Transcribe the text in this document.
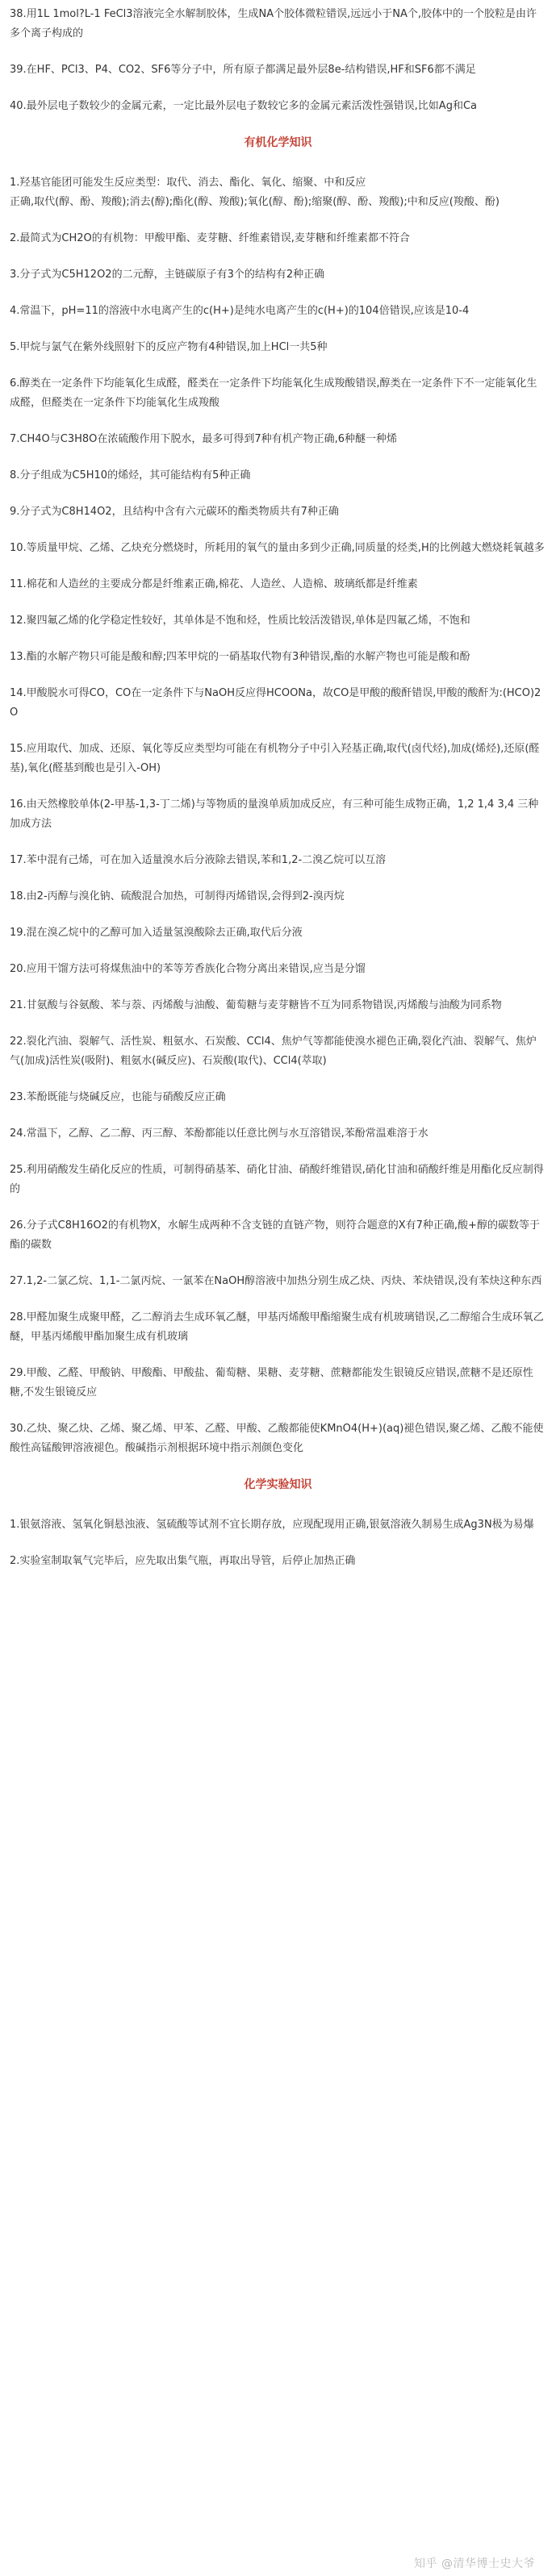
38.用1L 1mol?L-1 FeCl3溶液完全水解制胶体，生成NA个胶体微粒错误,远远小于NA个,胶体中的一个胶粒是由许多个离子构成的

39.在HF、PCl3、P4、CO2、SF6等分子中，所有原子都满足最外层8e-结构错误,HF和SF6都不满足

40.最外层电子数较少的金属元素，一定比最外层电子数较它多的金属元素活泼性强错误,比如Ag和Ca

有机化学知识

1.羟基官能团可能发生反应类型：取代、消去、酯化、氧化、缩聚、中和反应
正确,取代(醇、酚、羧酸);消去(醇);酯化(醇、羧酸);氧化(醇、酚);缩聚(醇、酚、羧酸);中和反应(羧酸、酚)

2.最简式为CH2O的有机物：甲酸甲酯、麦芽糖、纤维素错误,麦芽糖和纤维素都不符合

3.分子式为C5H12O2的二元醇，主链碳原子有3个的结构有2种正确

4.常温下，pH=11的溶液中水电离产生的c(H+)是纯水电离产生的c(H+)的104倍错误,应该是10-4

5.甲烷与氯气在紫外线照射下的反应产物有4种错误,加上HCl一共5种

6.醇类在一定条件下均能氧化生成醛，醛类在一定条件下均能氧化生成羧酸错误,醇类在一定条件下不一定能氧化生成醛，但醛类在一定条件下均能氧化生成羧酸

7.CH4O与C3H8O在浓硫酸作用下脱水，最多可得到7种有机产物正确,6种醚一种烯

8.分子组成为C5H10的烯烃，其可能结构有5种正确

9.分子式为C8H14O2，且结构中含有六元碳环的酯类物质共有7种正确

10.等质量甲烷、乙烯、乙炔充分燃烧时，所耗用的氧气的量由多到少正确,同质量的烃类,H的比例越大燃烧耗氧越多

11.棉花和人造丝的主要成分都是纤维素正确,棉花、人造丝、人造棉、玻璃纸都是纤维素

12.聚四氟乙烯的化学稳定性较好，其单体是不饱和烃，性质比较活泼错误,单体是四氟乙烯，不饱和

13.酯的水解产物只可能是酸和醇;四苯甲烷的一硝基取代物有3种错误,酯的水解产物也可能是酸和酚

14.甲酸脱水可得CO，CO在一定条件下与NaOH反应得HCOONa，故CO是甲酸的酸酐错误,甲酸的酸酐为:(HCO)2O

15.应用取代、加成、还原、氧化等反应类型均可能在有机物分子中引入羟基正确,取代(卤代烃),加成(烯烃),还原(醛基),氧化(醛基到酸也是引入-OH)

16.由天然橡胶单体(2-甲基-1,3-丁二烯)与等物质的量溴单质加成反应，有三种可能生成物正确，1,2 1,4 3,4 三种加成方法

17.苯中混有己烯，可在加入适量溴水后分液除去错误,苯和1,2-二溴乙烷可以互溶

18.由2-丙醇与溴化钠、硫酸混合加热，可制得丙烯错误,会得到2-溴丙烷

19.混在溴乙烷中的乙醇可加入适量氢溴酸除去正确,取代后分液

20.应用干馏方法可将煤焦油中的苯等芳香族化合物分离出来错误,应当是分馏

21.甘氨酸与谷氨酸、苯与萘、丙烯酸与油酸、葡萄糖与麦芽糖皆不互为同系物错误,丙烯酸与油酸为同系物

22.裂化汽油、裂解气、活性炭、粗氨水、石炭酸、CCl4、焦炉气等都能使溴水褪色正确,裂化汽油、裂解气、焦炉气(加成)活性炭(吸附)、粗氨水(碱反应)、石炭酸(取代)、CCl4(萃取)

23.苯酚既能与烧碱反应，也能与硝酸反应正确

24.常温下，乙醇、乙二醇、丙三醇、苯酚都能以任意比例与水互溶错误,苯酚常温难溶于水

25.利用硝酸发生硝化反应的性质，可制得硝基苯、硝化甘油、硝酸纤维错误,硝化甘油和硝酸纤维是用酯化反应制得的

26.分子式C8H16O2的有机物X，水解生成两种不含支链的直链产物，则符合题意的X有7种正确,酸+醇的碳数等于酯的碳数

27.1,2-二氯乙烷、1,1-二氯丙烷、一氯苯在NaOH醇溶液中加热分别生成乙炔、丙炔、苯炔错误,没有苯炔这种东西

28.甲醛加聚生成聚甲醛，乙二醇消去生成环氧乙醚，甲基丙烯酸甲酯缩聚生成有机玻璃错误,乙二醇缩合生成环氧乙醚，甲基丙烯酸甲酯加聚生成有机玻璃

29.甲酸、乙醛、甲酸钠、甲酸酯、甲酸盐、葡萄糖、果糖、麦芽糖、蔗糖都能发生银镜反应错误,蔗糖不是还原性糖,不发生银镜反应

30.乙炔、聚乙炔、乙烯、聚乙烯、甲苯、乙醛、甲酸、乙酸都能使KMnO4(H+)(aq)褪色错误,聚乙烯、乙酸不能使酸性高锰酸钾溶液褪色。酸碱指示剂根据环境中指示剂颜色变化

化学实验知识

1.银氨溶液、氢氧化铜悬浊液、氢硫酸等试剂不宜长期存放，应现配现用正确,银氨溶液久制易生成Ag3N极为易爆

2.实验室制取氧气完毕后，应先取出集气瓶，再取出导管，后停止加热正确

知乎 @清华博士史大爷
